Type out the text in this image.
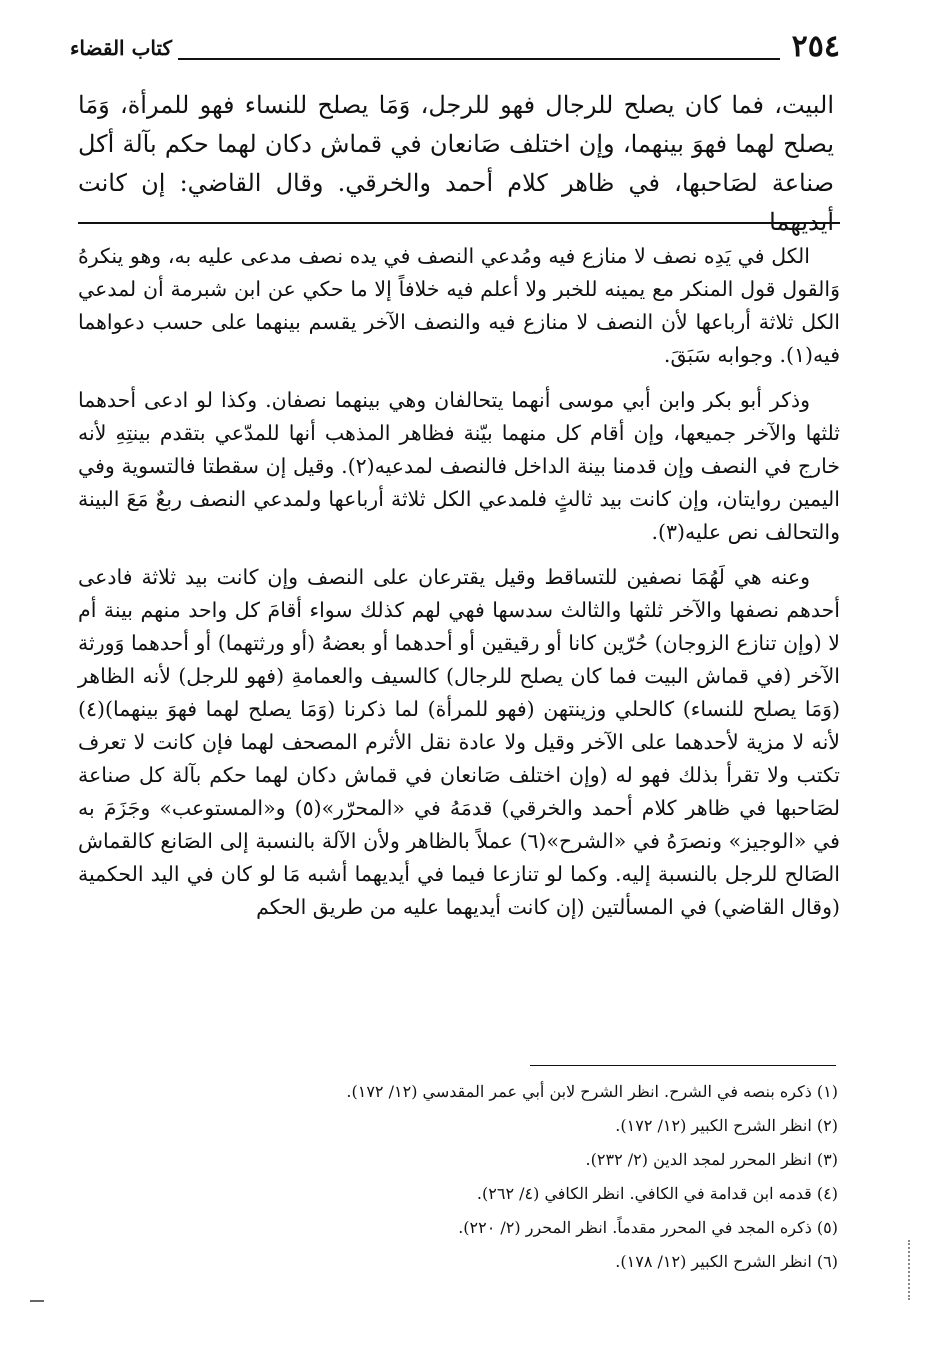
٢٥٤
كتاب القضاء

البيت، فما كان يصلح للرجال فهو للرجل، وَمَا يصلح للنساء فهو للمرأة، وَمَا يصلح لهما فهوَ بينهما، وإن اختلف صَانعان في قماش دكان لهما حكم بآلة أكل صناعة لصَاحبها، في ظاهر كلام أحمد والخرقي. وقال القاضي: إن كانت أيديهما

الكل في يَدِه نصف لا منازع فيه ومُدعي النصف في يده نصف مدعى عليه به، وهو ينكرهُ وَالقول قول المنكر مع يمينه للخبر ولا أعلم فيه خلافاً إلا ما حكي عن ابن شبرمة أن لمدعي الكل ثلاثة أرباعها لأن النصف لا منازع فيه والنصف الآخر يقسم بينهما على حسب دعواهما فيه(١). وجوابه سَبَقَ.

وذكر أبو بكر وابن أبي موسى أنهما يتحالفان وهي بينهما نصفان. وكذا لو ادعى أحدهما ثلثها والآخر جميعها، وإن أقام كل منهما بيّنة فظاهر المذهب أنها للمدّعي بتقدم بينتِهِ لأنه خارج في النصف وإن قدمنا بينة الداخل فالنصف لمدعيه(٢). وقيل إن سقطتا فالتسوية وفي اليمين روايتان، وإن كانت بيد ثالثٍ فلمدعي الكل ثلاثة أرباعها ولمدعي النصف ربعٌ مَعَ البينة والتحالف نص عليه(٣).

وعنه هي لَهُمَا نصفين للتساقط وقيل يقترعان على النصف وإن كانت بيد ثلاثة فادعى أحدهم نصفها والآخر ثلثها والثالث سدسها فهي لهم كذلك سواء أقامَ كل واحد منهم بينة أم لا (وإن تنازع الزوجان) حُرّين كانا أو رقيقين أو أحدهما أو بعضهُ (أو ورثتهما) أو أحدهما وَورثة الآخر (في قماش البيت فما كان يصلح للرجال) كالسيف والعمامةِ (فهو للرجل) لأنه الظاهر (وَمَا يصلح للنساء) كالحلي وزينتهن (فهو للمرأة) لما ذكرنا (وَمَا يصلح لهما فهوَ بينهما)(٤) لأنه لا مزية لأحدهما على الآخر وقيل ولا عادة نقل الأثرم المصحف لهما فإن كانت لا تعرف تكتب ولا تقرأ بذلك فهو له (وإن اختلف صَانعان في قماش دكان لهما حكم بآلة كل صناعة لصَاحبها في ظاهر كلام أحمد والخرقي) قدمَهُ في «المحرّر»(٥) و«المستوعب» وجَزَمَ به في «الوجيز» ونصرَهُ في «الشرح»(٦) عملاً بالظاهر ولأن الآلة بالنسبة إلى الصَانع كالقماش الصَالح للرجل بالنسبة إليه. وكما لو تنازعا فيما في أيديهما أشبه مَا لو كان في اليد الحكمية (وقال القاضي) في المسألتين (إن كانت أيديهما عليه من طريق الحكم

(١) ذكره بنصه في الشرح. انظر الشرح لابن أبي عمر المقدسي (١٢/ ١٧٢).
(٢) انظر الشرح الكبير (١٢/ ١٧٢).
(٣) انظر المحرر لمجد الدين (٢/ ٢٣٢).
(٤) قدمه ابن قدامة في الكافي. انظر الكافي (٤/ ٢٦٢).
(٥) ذكره المجد في المحرر مقدماً. انظر المحرر (٢/ ٢٢٠).
(٦) انظر الشرح الكبير (١٢/ ١٧٨).
